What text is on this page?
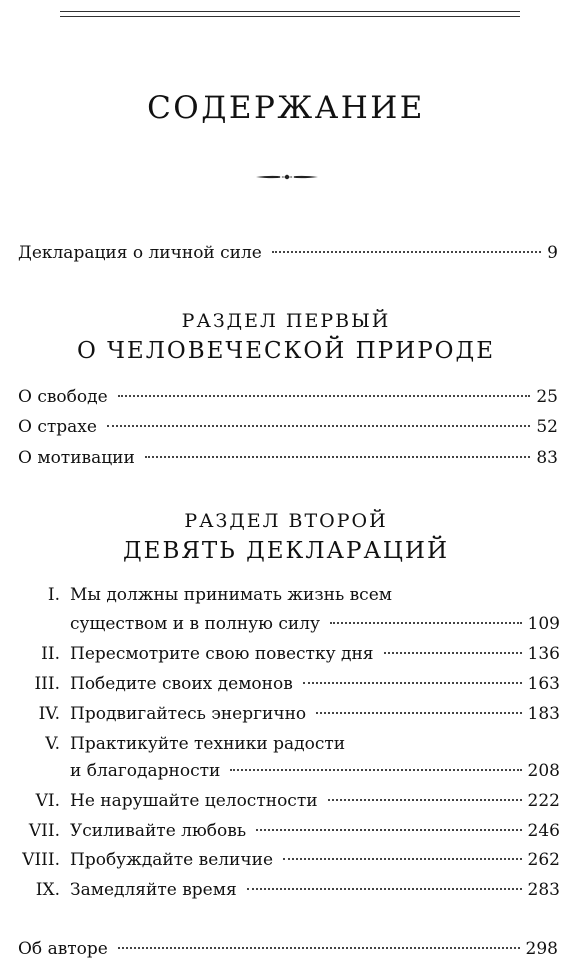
СОДЕРЖАНИЕ
Декларация о личной силе	9
РАЗДЕЛ ПЕРВЫЙ
О ЧЕЛОВЕЧЕСКОЙ ПРИРОДЕ
О свободе	25
О страхе	52
О мотивации	83
РАЗДЕЛ ВТОРОЙ
ДЕВЯТЬ ДЕКЛАРАЦИЙ
I. Мы должны принимать жизнь всем
существом и в полную силу	109
II. Пересмотрите свою повестку дня	136
III. Победите своих демонов	163
IV. Продвигайтесь энергично	183
V. Практикуйте техники радости
и благодарности	208
VI. Не нарушайте целостности	222
VII. Усиливайте любовь	246
VIII. Пробуждайте величие	262
IX. Замедляйте время	283
Об авторе	298
